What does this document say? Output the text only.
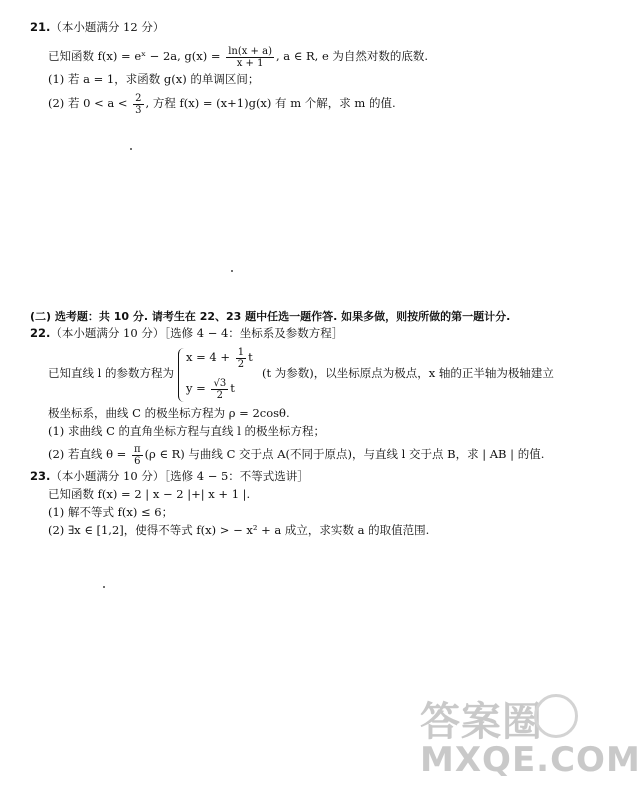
21.（本小题满分 12 分）
已知函数 f(x) = eˣ − 2a, $g(x) = \frac{\ln(x + a)}{x + 1}$ , a ∈ R, e 为自然对数的底数.
(1) 若 a = 1，求函数 g(x) 的单调区间；
(2) 若 $0 < a < \frac{2}{3}$ , 方程 f(x) = (x+1)g(x) 有 m 个解，求 m 的值.
(二) 选考题：共 10 分. 请考生在 22、23 题中任选一题作答. 如果多做，则按所做的第一题计分.
22.（本小题满分 10 分）［选修 4 − 4：坐标系及参数方程］
已知直线 l 的参数方程为
$x = 4 + \frac{1}{2}$ t
$y = \frac{√3}{2}$ t
(t 为参数)，以坐标原点为极点，x 轴的正半轴为极轴建立
极坐标系，曲线 C 的极坐标方程为 ρ = 2cosθ.
(1) 求曲线 C 的直角坐标方程与直线 l 的极坐标方程；
(2) 若直线 $\theta = \frac{\pi}{6} (\rho$ ∈ R) 与曲线 C 交于点 A(不同于原点)，与直线 l 交于点 B，求 | AB | 的值.
23.（本小题满分 10 分）［选修 4 − 5：不等式选讲］
已知函数 f(x) = 2 | x − 2 |+| x + 1 |.
(1) 解不等式 f(x) ≤ 6；
(2) ∃x ∈ [1,2]，使得不等式 f(x) > − x² + a 成立，求实数 a 的取值范围.
答案圈
MXQE.COM
